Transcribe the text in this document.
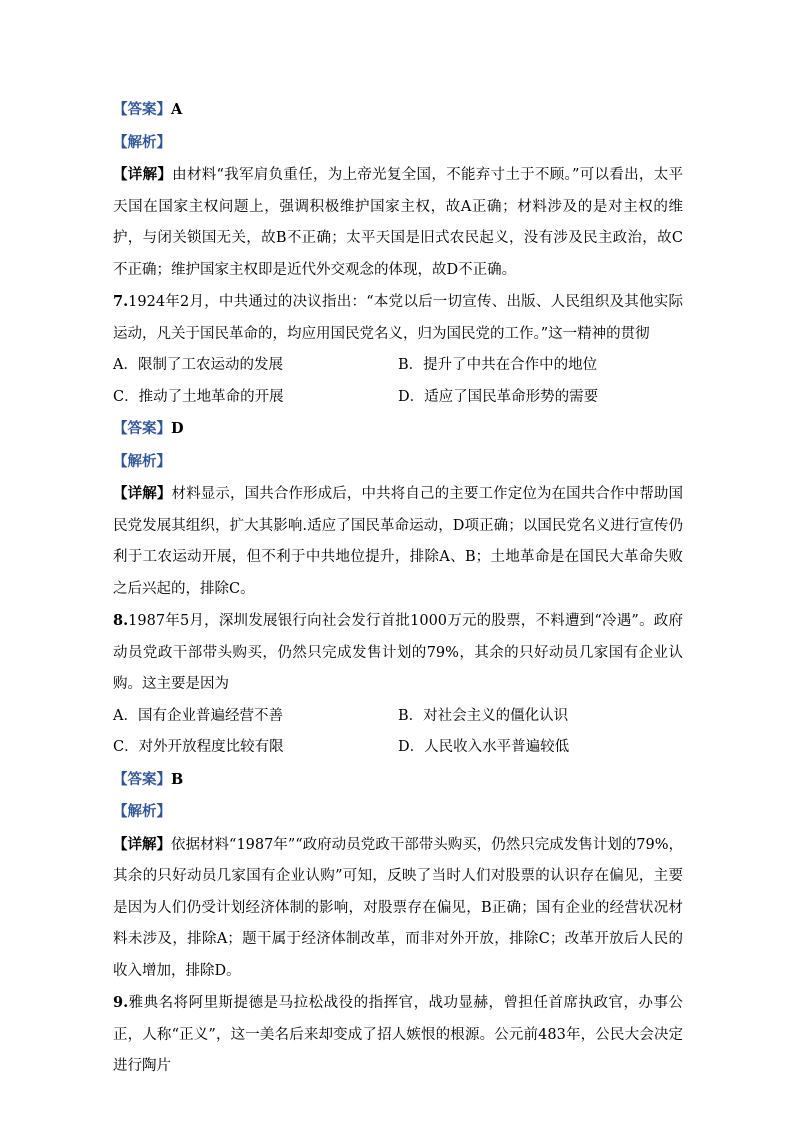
【答案】A
【解析】
【详解】由材料“我军肩负重任，为上帝光复全国，不能弃寸土于不顾。”可以看出，太平天国在国家主权问题上，强调积极维护国家主权，故A正确；材料涉及的是对主权的维护，与闭关锁国无关，故B不正确；太平天国是旧式农民起义，没有涉及民主政治，故C不正确；维护国家主权即是近代外交观念的体现，故D不正确。
7.1924年2月，中共通过的决议指出：“本党以后一切宣传、出版、人民组织及其他实际运动，凡关于国民革命的，均应用国民党名义，归为国民党的工作。”这一精神的贯彻
A．限制了工农运动的发展	B．提升了中共在合作中的地位
C．推动了土地革命的开展	D．适应了国民革命形势的需要
【答案】D
【解析】
【详解】材料显示，国共合作形成后，中共将自己的主要工作定位为在国共合作中帮助国民党发展其组织，扩大其影响.适应了国民革命运动，D项正确；以国民党名义进行宣传仍利于工农运动开展，但不利于中共地位提升，排除A、B；土地革命是在国民大革命失败之后兴起的，排除C。
8.1987年5月，深圳发展银行向社会发行首批1000万元的股票，不料遭到“冷遇”。政府动员党政干部带头购买，仍然只完成发售计划的79%，其余的只好动员几家国有企业认购。这主要是因为
A．国有企业普遍经营不善	B．对社会主义的僵化认识
C．对外开放程度比较有限	D．人民收入水平普遍较低
【答案】B
【解析】
【详解】依据材料“1987年”“政府动员党政干部带头购买，仍然只完成发售计划的79%，其余的只好动员几家国有企业认购”可知，反映了当时人们对股票的认识存在偏见，主要是因为人们仍受计划经济体制的影响，对股票存在偏见，B正确；国有企业的经营状况材料未涉及，排除A；题干属于经济体制改革，而非对外开放，排除C；改革开放后人民的收入增加，排除D。
9.雅典名将阿里斯提德是马拉松战役的指挥官，战功显赫，曾担任首席执政官，办事公正，人称“正义”，这一美名后来却变成了招人嫉恨的根源。公元前483年，公民大会决定进行陶片
